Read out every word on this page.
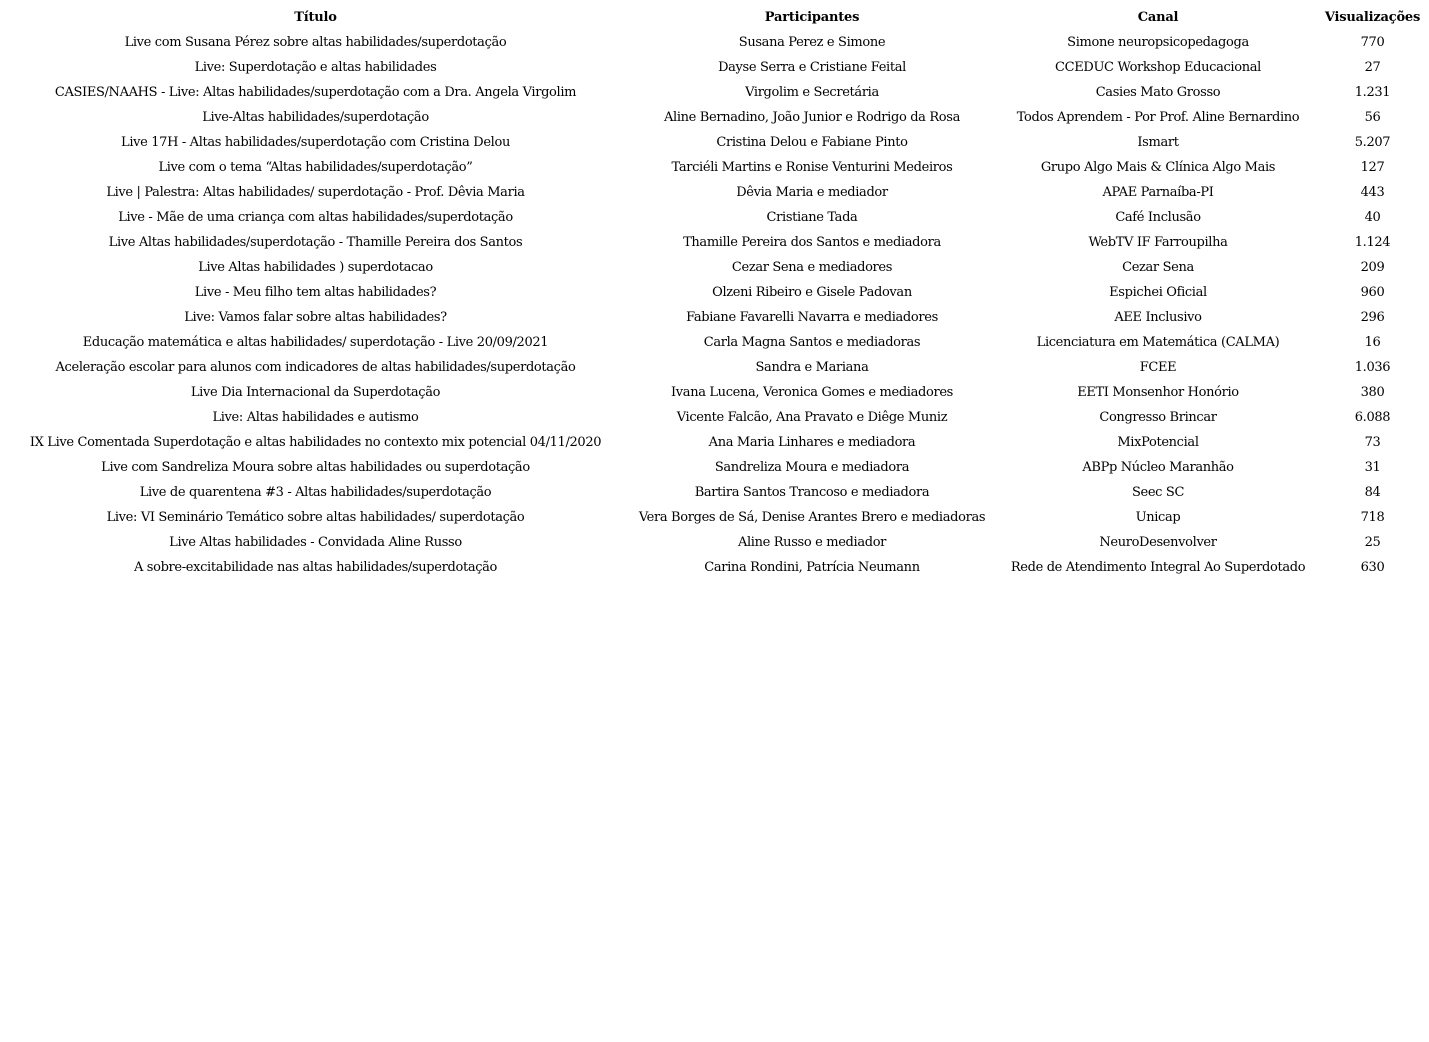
Título	Participantes	Canal	Visualizações
Live com Susana Pérez sobre altas habilidades/superdotação	Susana Perez e Simone	Simone neuropsicopedagoga	770
Live: Superdotação e altas habilidades	Dayse Serra e Cristiane Feital	CCEDUC Workshop Educacional	27
CASIES/NAAHS - Live: Altas habilidades/superdotação com a Dra. Angela Virgolim	Virgolim e Secretária	Casies Mato Grosso	1.231
Live-Altas habilidades/superdotação	Aline Bernadino, João Junior e Rodrigo da Rosa	Todos Aprendem - Por Prof. Aline Bernardino	56
Live 17H - Altas habilidades/superdotação com Cristina Delou	Cristina Delou e Fabiane Pinto	Ismart	5.207
Live com o tema “Altas habilidades/superdotação”	Tarciéli Martins e Ronise Venturini Medeiros	Grupo Algo Mais & Clínica Algo Mais	127
Live | Palestra: Altas habilidades/ superdotação - Prof. Dêvia Maria	Dêvia Maria e mediador	APAE Parnaíba-PI	443
Live - Mãe de uma criança com altas habilidades/superdotação	Cristiane Tada	Café Inclusão	40
Live Altas habilidades/superdotação - Thamille Pereira dos Santos	Thamille Pereira dos Santos e mediadora	WebTV IF Farroupilha	1.124
Live Altas habilidades ) superdotacao	Cezar Sena e mediadores	Cezar Sena	209
Live - Meu filho tem altas habilidades?	Olzeni Ribeiro e Gisele Padovan	Espichei Oficial	960
Live: Vamos falar sobre altas habilidades?	Fabiane Favarelli Navarra e mediadores	AEE Inclusivo	296
Educação matemática e altas habilidades/ superdotação - Live 20/09/2021	Carla Magna Santos e mediadoras	Licenciatura em Matemática (CALMA)	16
Aceleração escolar para alunos com indicadores de altas habilidades/superdotação	Sandra e Mariana	FCEE	1.036
Live Dia Internacional da Superdotação	Ivana Lucena, Veronica Gomes e mediadores	EETI Monsenhor Honório	380
Live: Altas habilidades e autismo	Vicente Falcão, Ana Pravato e Diêge Muniz	Congresso Brincar	6.088
IX Live Comentada Superdotação e altas habilidades no contexto mix potencial 04/11/2020	Ana Maria Linhares e mediadora	MixPotencial	73
Live com Sandreliza Moura sobre altas habilidades ou superdotação	Sandreliza Moura e mediadora	ABPp Núcleo Maranhão	31
Live de quarentena #3 - Altas habilidades/superdotação	Bartira Santos Trancoso e mediadora	Seec SC	84
Live: VI Seminário Temático sobre altas habilidades/ superdotação	Vera Borges de Sá, Denise Arantes Brero e mediadoras	Unicap	718
Live Altas habilidades - Convidada Aline Russo	Aline Russo e mediador	NeuroDesenvolver	25
A sobre-excitabilidade nas altas habilidades/superdotação	Carina Rondini, Patrícia Neumann	Rede de Atendimento Integral Ao Superdotado	630
